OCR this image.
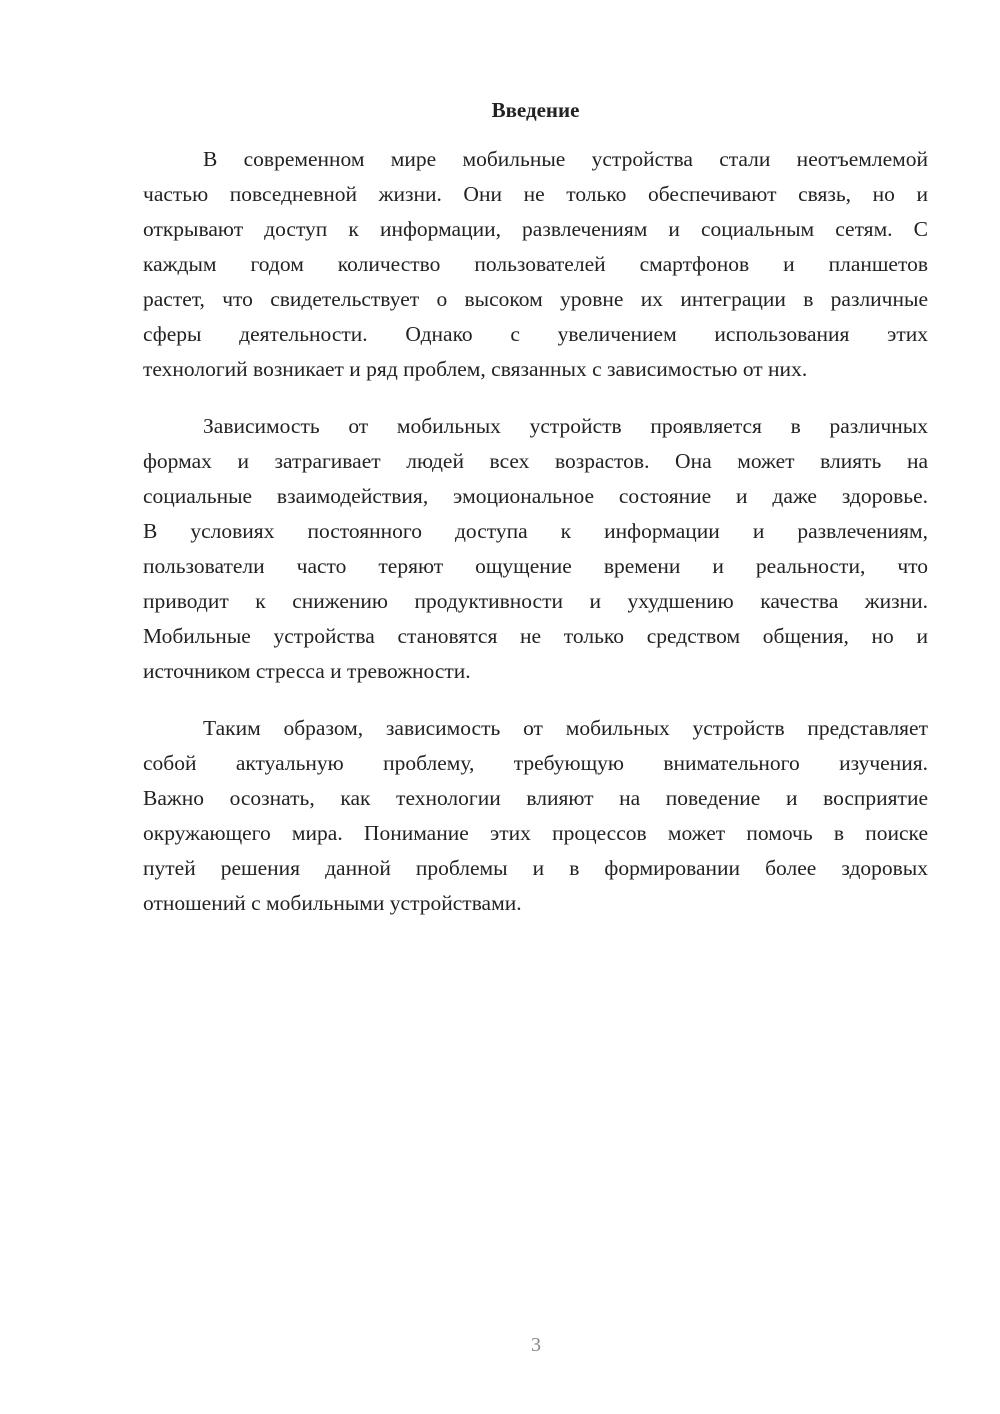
Введение
В современном мире мобильные устройства стали неотъемлемой
частью повседневной жизни. Они не только обеспечивают связь, но и
открывают доступ к информации, развлечениям и социальным сетям. С
каждым годом количество пользователей смартфонов и планшетов
растет, что свидетельствует о высоком уровне их интеграции в различные
сферы деятельности. Однако с увеличением использования этих
технологий возникает и ряд проблем, связанных с зависимостью от них.
Зависимость от мобильных устройств проявляется в различных
формах и затрагивает людей всех возрастов. Она может влиять на
социальные взаимодействия, эмоциональное состояние и даже здоровье.
В условиях постоянного доступа к информации и развлечениям,
пользователи часто теряют ощущение времени и реальности, что
приводит к снижению продуктивности и ухудшению качества жизни.
Мобильные устройства становятся не только средством общения, но и
источником стресса и тревожности.
Таким образом, зависимость от мобильных устройств представляет
собой актуальную проблему, требующую внимательного изучения.
Важно осознать, как технологии влияют на поведение и восприятие
окружающего мира. Понимание этих процессов может помочь в поиске
путей решения данной проблемы и в формировании более здоровых
отношений с мобильными устройствами.
3
